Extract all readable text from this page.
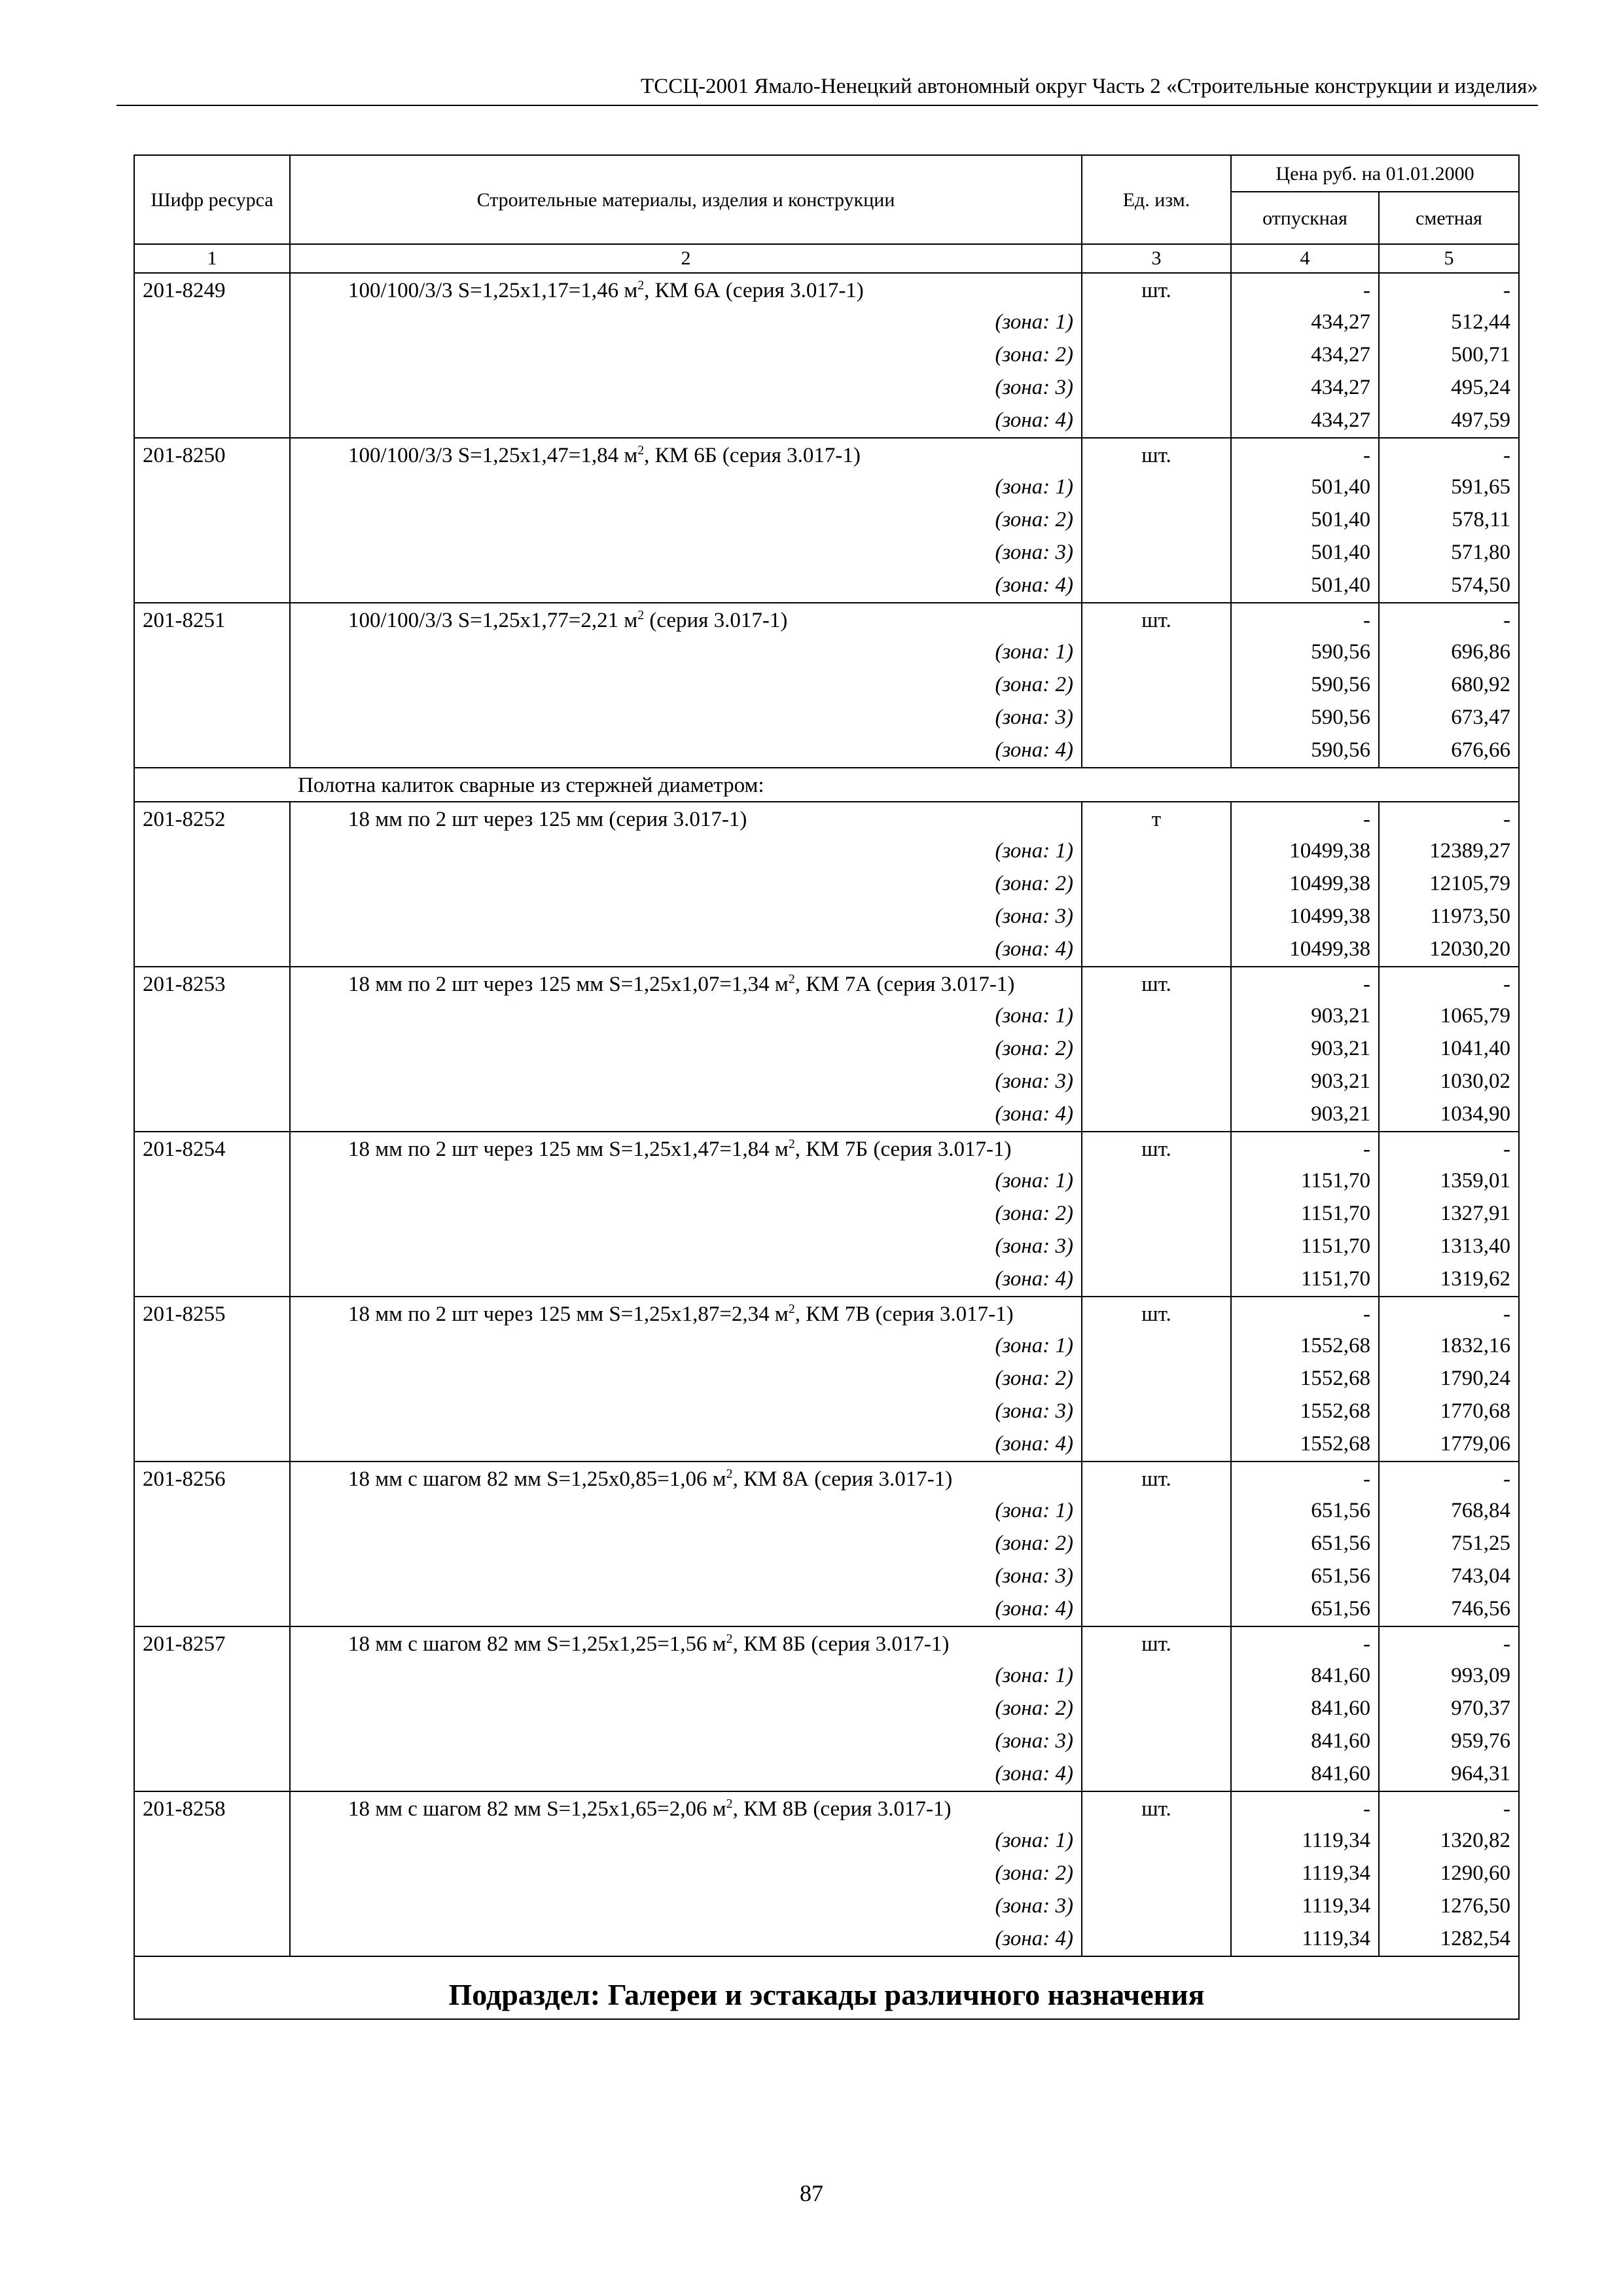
ТССЦ-2001 Ямало-Ненецкий автономный округ Часть 2 «Строительные конструкции и изделия»
Шифр ресурса	Строительные материалы, изделия и конструкции	Ед. изм.	Цена руб. на 01.01.2000	
			отпускная	сметная
1	2	3	4	5
201-8249	100/100/3/3 S=1,25x1,17=1,46 $м^2$, КМ 6А (серия 3.017-1)	шт.	-	-
	(зона: 1)		434,27	512,44
	(зона: 2)		434,27	500,71
	(зона: 3)		434,27	495,24
	(зона: 4)		434,27	497,59
201-8250	100/100/3/3 S=1,25x1,47=1,84 $м^2$, КМ 6Б (серия 3.017-1)	шт.	-	-
	(зона: 1)		501,40	591,65
	(зона: 2)		501,40	578,11
	(зона: 3)		501,40	571,80
	(зона: 4)		501,40	574,50
201-8251	100/100/3/3 S=1,25x1,77=2,21 $м^2$ (серия 3.017-1)	шт.	-	-
	(зона: 1)		590,56	696,86
	(зона: 2)		590,56	680,92
	(зона: 3)		590,56	673,47
	(зона: 4)		590,56	676,66
	Полотна калиток сварные из стержней диаметром:			
201-8252	18 мм по 2 шт через 125 мм (серия 3.017-1)	т	-	-
	(зона: 1)		10499,38	12389,27
	(зона: 2)		10499,38	12105,79
	(зона: 3)		10499,38	11973,50
	(зона: 4)		10499,38	12030,20
201-8253	18 мм по 2 шт через 125 мм S=1,25x1,07=1,34 $м^2$, КМ 7А (серия 3.017-1)	шт.	-	-
	(зона: 1)		903,21	1065,79
	(зона: 2)		903,21	1041,40
	(зона: 3)		903,21	1030,02
	(зона: 4)		903,21	1034,90
201-8254	18 мм по 2 шт через 125 мм S=1,25x1,47=1,84 $м^2$, КМ 7Б (серия 3.017-1)	шт.	-	-
	(зона: 1)		1151,70	1359,01
	(зона: 2)		1151,70	1327,91
	(зона: 3)		1151,70	1313,40
	(зона: 4)		1151,70	1319,62
201-8255	18 мм по 2 шт через 125 мм S=1,25x1,87=2,34 $м^2$, КМ 7В (серия 3.017-1)	шт.	-	-
	(зона: 1)		1552,68	1832,16
	(зона: 2)		1552,68	1790,24
	(зона: 3)		1552,68	1770,68
	(зона: 4)		1552,68	1779,06
201-8256	18 мм с шагом 82 мм S=1,25x0,85=1,06 $м^2$, КМ 8А (серия 3.017-1)	шт.	-	-
	(зона: 1)		651,56	768,84
	(зона: 2)		651,56	751,25
	(зона: 3)		651,56	743,04
	(зона: 4)		651,56	746,56
201-8257	18 мм с шагом 82 мм S=1,25x1,25=1,56 $м^2$, КМ 8Б (серия 3.017-1)	шт.	-	-
	(зона: 1)		841,60	993,09
	(зона: 2)		841,60	970,37
	(зона: 3)		841,60	959,76
	(зона: 4)		841,60	964,31
201-8258	18 мм с шагом 82 мм S=1,25x1,65=2,06 $м^2$, КМ 8В (серия 3.017-1)	шт.	-	-
	(зона: 1)		1119,34	1320,82
	(зона: 2)		1119,34	1290,60
	(зона: 3)		1119,34	1276,50
	(зона: 4)		1119,34	1282,54
Подраздел: Галереи и эстакады различного назначения				
87
